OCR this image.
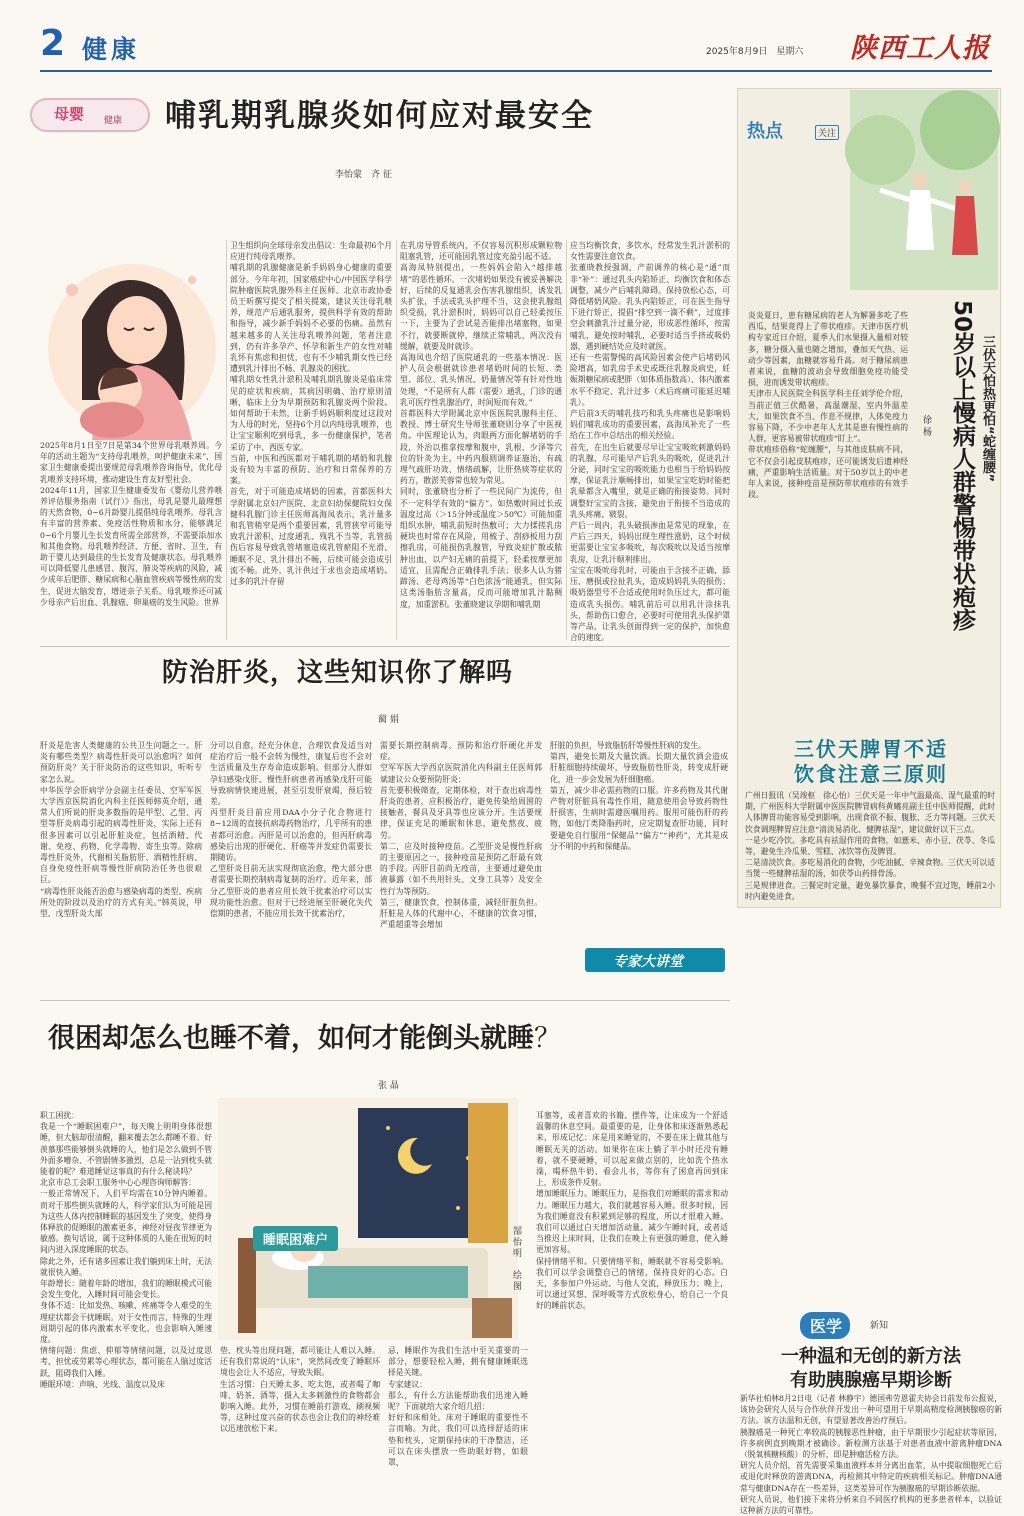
2 健康	2025年8月9日　星期六 陕西工人报
母婴 健康 哺乳期乳腺炎如何应对最安全
李怡蒙　齐 征
2025年8月1日至7日是第34个世界母乳喂养周。今年的活动主题为“支持母乳喂养，呵护健康未来”，国家卫生健康委提出要规范母乳喂养咨询指导，优化母乳喂养支持环境，推动建设生育友好型社会。
2024年11月，国家卫生健康委发布《婴幼儿营养喂养评估服务指南（试行）》指出，母乳是婴儿最理想的天然食物，0~6月龄婴儿提倡纯母乳喂养。母乳含有丰富的营养素、免疫活性物质和水分，能够满足0~6个月婴儿生长发育所需全部营养，不需要添加水和其他食物。母乳喂养经济、方便、省时、卫生，有助于婴儿达到最佳的生长发育及健康状态。母乳喂养可以降低婴儿患感冒、腹泻、肺炎等疾病的风险，减少成年后肥胖、糖尿病和心脑血管疾病等慢性病的发生，促进大脑发育，增进亲子关系。母乳喂养还可减少母亲产后出血、乳腺癌、卵巢癌的发生风险。世界
卫生组织向全球母亲发出倡议：生命最初6个月应进行纯母乳喂养。
哺乳期的乳腺健康是新手妈妈身心健康的重要部分。今年年初，国家癌症中心/中国医学科学院肿瘤医院乳腺外科主任医师、北京市政协委员王昕撰写提交了相关提案，建议关注母乳喂养，规范产后通乳服务，提供科学有效的帮助和指导，减少新手妈妈不必要的伤痛。虽然有越来越多的人关注母乳喂养问题，笔者注意到，仍有许多孕产、怀孕和新生产的女性对哺乳怀有焦虑和担忧，也有不少哺乳期女性已经遭到乳汁排出不畅、乳腺炎的困扰。
哺乳期女性乳汁淤积及哺乳期乳腺炎是临床常见的症状和疾病，其病因明确、治疗原则清晰，临床上分为早期预防和乳腺炎两个阶段。如何帮助于未然，让新手妈妈顺利度过这段对为人母的时光，坚持6个月以内纯母乳喂养，也让宝宝顺利吃到母乳，多一份健康保护，笔者采访了中、西医专家。
当前，中医和西医都对于哺乳期的堵奶和乳腺炎有较为丰富的预防、治疗和日常保养的方案。
首先，对于可能造成堵奶的因素，首都医科大学附属北京妇产医院、北京妇幼保健院妇女保健科乳腺门诊主任医师高海凤表示，乳汁量多和乳管稍窄是两个重要因素，乳管狭窄可能导致乳汁淤积、过度通乳、残乳不当等、乳管损伤后容易导致乳管堵塞造成乳管瘀阻不光滑、睡眠不足、乳汁排出不畅，后续可能会造成引流不畅。此外，乳汁供过于求也会造成堵奶。过多的乳汁存留
在乳房导管系统内，不仅容易沉积形成颗粒物阻塞乳管，还可能因乳管过度充盈引起不适。
高海凤特别提出，一些妈妈会陷入“越排越堵”的恶性循环。一次堵奶如果没有被妥善解决好，后续的反复通乳会伤害乳腺组织，诱发乳头扩张，手法或乳头护理不当，这会使乳腺组织受损，乳汁淤积时，妈妈可以自己轻柔按压一下，主要为了尝试是否能排出堵塞物，如果不行，就要断就停，继续正常哺乳，两次没有缓解，就要及时就诊。
高海凤也介绍了医院通乳的一些基本情况：医护人员会根据就诊患者堵奶时间的长短、类型、部位、乳头情况、奶量情况等有针对性地处理，“不是所有人都（需要）通乳，门诊的通乳可医疗性乳腺治疗，时间短而有效。”
首都医科大学附属北京中医医院乳腺科主任、教授、博士研究生导师张董晓则分享了中医视角。中医理论认为，肉眼两方面化解堵奶的手段，外治以推拿按摩和腹中，乳根、少泽等穴位的针灸为主，中药内服则调养证施治，有疏理气疏肝功效、情绪疏解，让肝热痰等症状的药方，散淤芙蓉常也较为常见。
同时，张董晓也分析了一些民间广为流传，但不一定科学有效的“偏方”。如热敷时间过长或温度过高（＞15分钟或温度＞50℃）可能加重组织水肿，哺乳前短时热敷可；大力揉搓乳房硬块也时常存在风险，用梳子、刮痧板用力刮擦乳房，可能损伤乳腺管，导致炎症扩散或脓肿出血，以产妇无痛的前提下，轻柔按摩更加适宜，且需配合正确排乳手法；很多人认为猪蹄汤、老母鸡汤等“白色浓汤”能通乳，但实际这类汤脂肪含量高，反而可能增加乳汁黏稠度，加重淤积。张董晓建议孕期和哺乳期
应当均衡饮食，多饮水，经常发生乳汁淤积的女性需要注意饮食。
张董晓教授强调，产前调养的核心是“通”而非“补”：通过乳头内陷矫正、均衡饮食和体态调整，减少产后哺乳障碍。保持放松心态，可降低堵奶风险。乳头内陷矫正，可在医生指导下进行矫正，提倡“排空到一滴不剩”，过度排空会刺激乳汁过量分泌，形成恶性循环，按需哺乳，避免按时哺乳，必要时适当手挤或吸奶器，遇到硬结处应及时就医。
还有一些需警惕的高风险因素会使产后堵奶风险增高，如乳房手术史或既往乳腺炎病史，妊娠期糖尿病或肥胖（如体质指数高）、体内激素水平不稳定、乳汁过多（术后疼痛可能延迟哺乳）。
产后前3天的哺乳技巧和乳头疼痛也是影响妈妈们哺乳成功的重要因素，高海凤补充了一些给在工作中总结出的相关经验。
首先，在出生后就要尽早让宝宝吸吮刺激妈妈的乳腺，尽可能早产后乳头的吸吮，促进乳汁分泌，同时宝宝的吸吮能力也相当于给妈妈按摩，保证乳汁顺畅排出，如果宝宝吃奶时能把乳晕都含入嘴里，就是正确的衔接姿势。同时调整好宝宝的含接，避免由于衔接不当造成的乳头疼痛、皲裂。
产后一周内，乳头破损渗血是常见的现象，在产后三四天，妈妈出现生理性涨奶，这个时候更需要让宝宝多吸吮，每次吸吮以及适当按摩乳房，让乳汁顺利排出。
宝宝在吸吮母乳时，可能由于含接不正确，舔压、磨损或拉扯乳头，造成妈妈乳头的损伤；吸奶器型号不合适或使用时负压过大，都可能造成乳头损伤。哺乳前后可以用乳汁涂抹乳头，帮助伤口愈合，必要时可使用乳头保护罩等产品，让乳头创面得到一定的保护，加快愈合的速度。
防治肝炎，这些知识你了解吗
蔺 娟
肝炎是危害人类健康的公共卫生问题之一。肝炎有哪些类型？病毒性肝炎可以治愈吗？如何预防肝炎？关于肝炎防治的这些知识，听听专家怎么说。
中华医学会肝病学分会副主任委员、空军军医大学西京医院消化内科主任医师韩英介绍，通常人们所说的肝炎多数指的是甲型、乙型、丙型等肝炎病毒引起的病毒性肝炎，实际上还有很多因素可以引起肝脏炎症，包括酒精、代谢、免疫、药物、化学毒物、寄生虫等。除病毒性肝炎外，代谢相关脂肪肝、酒精性肝病、自身免疫性肝病等慢性肝病防治任务也很艰巨。
“病毒性肝炎能否治愈与感染病毒的类型、疾病所处的阶段以及治疗的方式有关。”韩英说，甲型、戊型肝炎大部
分可以自愈，经充分休息，合理饮食及适当对症治疗后一般不会转为慢性，康复后也不会对生活质量及生存寿命造成影响。但部分人群如孕妇感染戊肝、慢性肝病患者再感染戊肝可能导致病情快速进展，甚至引发肝衰竭，预后较差。
丙型肝炎目前应用DAA小分子化合物进行8~12周的直接抗病毒药物治疗，几乎所有的患者都可治愈。丙肝是可以治愈的，但丙肝病毒感染后出现的肝硬化、肝癌等并发症仍需要长期随访。
乙型肝炎目前无法实现彻底治愈，绝大部分患者需要长期控制病毒复制的治疗。近年来，部分乙型肝炎的患者应用长效干扰素治疗可以实现功能性治愈。但对于已经进展至肝硬化失代偿期的患者，不能应用长效干扰素治疗，
需要长期控制病毒、预防和治疗肝硬化并发症。
空军军医大学西京医院消化内科副主任医师郭斌建议公众要预防肝炎：
首先要积极筛查，定期体检，对于查出病毒性肝炎的患者，应积极治疗，避免传染给周围的接触者，餐具及牙具等也应该分开。生活要规律，保证充足的睡眠和休息，避免熬夜、疲劳。
第二，应及时接种疫苗。乙型肝炎是慢性肝病的主要原因之一，接种疫苗是预防乙肝最有效的手段。丙肝目前尚无疫苗，主要通过避免血液暴露（如不共用针头、文身工具等）及安全性行为等预防。
第三，健康饮食，控制体重，减轻肝脏负担。肝脏是人体的代谢中心，不健康的饮食习惯，严重超重等会增加
肝脏的负担，导致脂肪肝等慢性肝病的发生。
第四，避免长期及大量饮酒。长期大量饮酒会造成肝脏细胞持续破坏，导致脂肪性肝炎，转变成肝硬化，进一步会发展为肝细胞癌。
第五，减少非必需药物的口服。许多药物及其代谢产物对肝脏具有毒性作用，随意使用会导致药物性肝损害，生病时需遵医嘱用药。服用可能伤肝的药物，如他汀类降脂药时，应定期复查肝功能，同时要避免自行服用“保健品”“偏方”“神药”，尤其是成分不明的中药和保健品。
专家大讲堂
很困却怎么也睡不着，如何才能倒头就睡？
张 晶
睡眠困难户	郜怡明　绘图
职工困扰：
我是一个“睡眠困难户”，每天晚上明明身体很想睡，但大脑却很清醒，翻来覆去怎么都睡不着。好羡慕那些能够倒头就睡的人，他们是怎么做到不管外面多嘈杂、不管剧情多激烈，总是一沾到枕头就能着的呢？难道睡觉这事真的有什么秘诀吗？
北京市总工会职工服务中心心理咨询师解答：
一般正常情况下，人们平均需在10分钟内睡着。而对于那些倒头就睡的人，科学家们认为可能是因为这些人体内控制睡眠的基因发生了突变，使得身体释放的促睡眠的激素更多，神经对昼夜节律更为敏感。换句话说，属于这种体质的人能在很短的时间内进入深度睡眠的状态。
除此之外，还有诸多因素让我们躺到床上时，无法就很快入睡。
年龄增长：随着年龄的增加，我们的睡眠模式可能会发生变化，入睡时间可能会变长。
身体不适：比如发热、咳嗽、疼痛等令人难受的生理症状都会干扰睡眠。对于女性而言，特殊的生理周期引起的体内激素水平变化，也会影响入睡速度。
情绪问题：焦虑、抑郁等情绪问题，以及过度思考、担忧或劳累等心理状态，都可能在人脑过度活跃，阻碍我们入睡。
睡眠环境：声响、光线、温度以及床
垫、枕头等出现问题，都可能让人难以入睡。还有我们常说的“认床”，突然间改变了睡眠环境也会让人不适应，导致失眠。
生活习惯：白天睡太多、吃太饱，或者喝了咖啡、奶茶、酒等，摄入太多刺激性的食物都会影响入睡。此外，习惯在睡前打游戏、刷视频等，这种过度兴奋的状态也会让我们的神经难以迅速放松下来。
忌，睡眠作为我们生活中至关重要的一部分，想要轻松入睡，拥有健康睡眠选择是关键。
专家建议：
那么，有什么方法能帮助我们迅速入睡呢？下面就给大家介绍几招：
好好和床相处。床对于睡眠的重要性不言而喻。为此，我们可以选择舒适的床垫和枕头，定期保持床的干净整洁，还可以在床头摆放一些助眠好物，如眼罩、
耳塞等，或者喜欢的书籍、摆件等，让床成为一个舒适温馨的休息空间。最重要的是，让身体和床逐渐熟悉起来，形成记忆：床是用来睡觉的，不要在床上做其他与睡眠无关的活动。如果你在床上躺了半小时还没有睡着，就不要硬睡，可以起来做点别的，比如洗个热水澡，喝杯热牛奶、看会儿书，等你有了困意再回到床上，形成条件反射。
增加睡眠压力。睡眠压力，是指我们对睡眠的需求和动力。睡眠压力越大，我们就越容易入睡。很多时候，因为我们睡意没有积累到足够的程度，所以才很难入睡。我们可以通过白天增加活动量、减少午睡时间，或者适当推迟上床时间，让我们在晚上有更强的睡意，使入睡更加容易。
保持情绪平和。只要情绪平和，睡眠就不容易受影响。我们可以学会调整自己的情绪，保持良好的心态。白天，多参加户外运动、与他人交流，释放压力；晚上，可以通过冥想、深呼吸等方式放松身心，给自己一个良好的睡前状态。
热点	关注
炎炎夏日，患有糖尿病的老人为解暑多吃了些西瓜，结果竟得上了带状疱疹。天津市医疗机构专家近日介绍，夏季人们水果摄入量相对较多，糖分摄入量也随之增加，叠加天气热、运动少等因素，血糖就容易升高。对于糖尿病患者来说，血糖的波动会导致细胞免疫功能受损，进而诱发带状疱疹。
天津市人民医院全科医学科主任刘学伦介绍，当前正值三伏酷暑，高温潮湿、室内外温差大，如果饮食不当、作息不规律，人体免疫力容易下降，不少中老年人尤其是患有慢性病的人群，更容易被带状疱疹“盯上”。
带状疱疹俗称“蛇缠腰”，与其他皮肤病不同，它不仅会引起皮肤疱疹，还可能诱发后遗神经痛，严重影响生活质量。对于50岁以上的中老年人来说，接种疫苗是预防带状疱疹的有效手段。
三伏天怕热更怕“蛇缠腰”
50岁以上慢病人群警惕带状疱疹
徐 杨
三伏天脾胃不适
饮食注意三原则
广州日报讯（吴竣枢　徐心怡）三伏天是一年中气温最高、湿气最重的时期，广州医科大学附属中医医院脾胃病科黄曦亮副主任中医师提醒，此时人体脾胃功能容易受到影响，出现食欲不振、腹胀、乏力等问题。三伏天饮食调理脾胃应注意“清淡易消化、健脾祛湿”，建议做好以下三点。
一是少吃冷饮。多吃具有祛湿作用的食物，如薏米、赤小豆、茯苓、冬瓜等，避免生冷瓜果、雪糕、冰饮等伤及脾胃。
二是清淡饮食。多吃易消化的食物，少吃油腻、辛辣食物。三伏天可以适当煲一些健脾祛湿的汤，如茯苓山药排骨汤。
三是规律进食。三餐定时定量，避免暴饮暴食，晚餐不宜过饱，睡前2小时内避免进食。
医学	新知
一种温和无创的新方法
有助胰腺癌早期诊断
新华社柏林8月2日电（记者 林静宇）德国弗劳恩霍夫协会日前发布公报说，该协会研究人员与合作伙伴开发出一种可望用于早期高精度检测胰腺癌的新方法。该方法温和无创，有望显著改善治疗预后。
胰腺癌是一种死亡率较高的胰腺恶性肿瘤，由于早期很少引起症状等原因，许多病例直到晚期才被确诊。新检测方法基于对患者血液中游离肿瘤DNA（脱氧核糖核酸）的分析，即是肿瘤活检方法。
研究人员介绍，首先需要采集血液样本并分离出血浆，从中提取细胞死亡后或退化时释放的游离DNA，再检测其中特定的疾病相关标记。肿瘤DNA通常与健康DNA存在一些差异，这类差异可作为胰腺癌的早期诊断依据。
研究人员说，他们接下来将分析来自不同医疗机构的更多患者样本，以验证这种新方法的可靠性。
